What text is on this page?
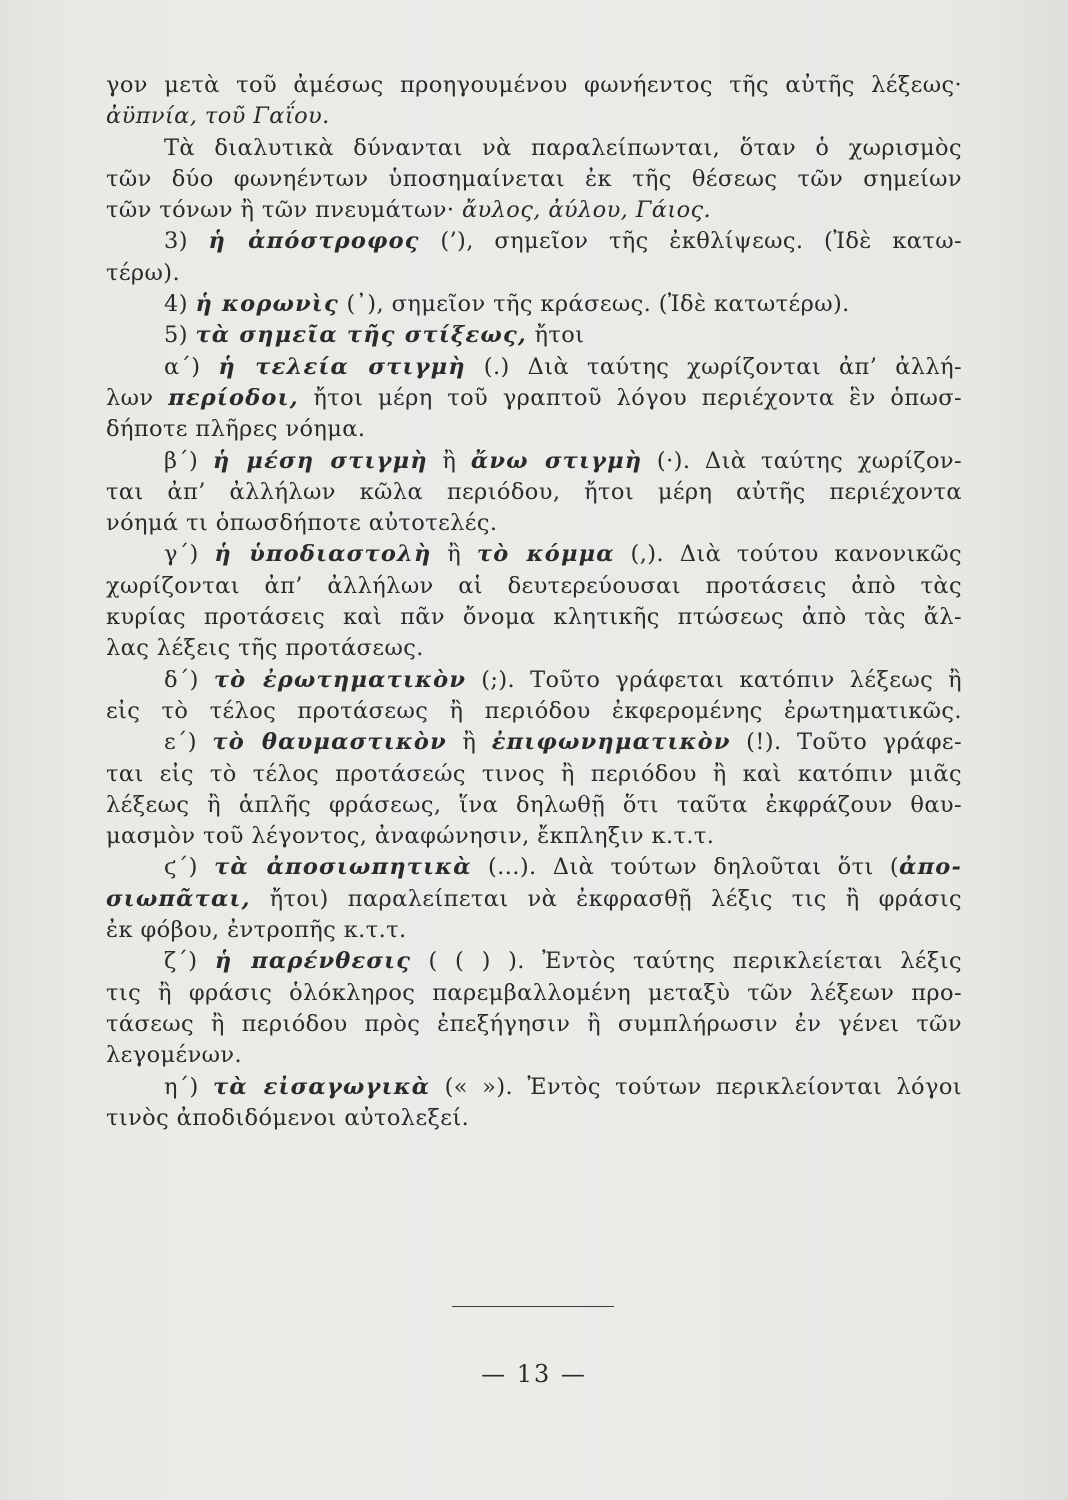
γον μετὰ τοῦ ἀμέσως προηγουμένου φωνήεντος τῆς αὐτῆς λέξεως·
ἀϋπνία, τοῦ Γαΐου.
Τὰ διαλυτικὰ δύνανται νὰ παραλείπωνται, ὅταν ὁ χωρισμὸς
τῶν δύο φωνηέντων ὑποσημαίνεται ἐκ τῆς θέσεως τῶν σημείων
τῶν τόνων ἢ τῶν πνευμάτων· ἄυλος, ἀύλου, Γάιος.
3) ἡ ἀπόστροφος (’), σημεῖον τῆς ἐκθλίψεως. (Ἰδὲ κατω-
τέρω).
4) ἡ κορωνὶς (᾿), σημεῖον τῆς κράσεως. (Ἰδὲ κατωτέρω).
5) τὰ σημεῖα τῆς στίξεως, ἤτοι
α΄) ἡ τελεία στιγμὴ (.) Διὰ ταύτης χωρίζονται ἀπ’ ἀλλή-
λων περίοδοι, ἤτοι μέρη τοῦ γραπτοῦ λόγου περιέχοντα ἓν ὁπωσ-
δήποτε πλῆρες νόημα.
β΄) ἡ μέση στιγμὴ ἢ ἄνω στιγμὴ (·). Διὰ ταύτης χωρίζον-
ται ἀπ’ ἀλλήλων κῶλα περιόδου, ἤτοι μέρη αὐτῆς περιέχοντα
νόημά τι ὁπωσδήποτε αὐτοτελές.
γ΄) ἡ ὑποδιαστολὴ ἢ τὸ κόμμα (,). Διὰ τούτου κανονικῶς
χωρίζονται ἀπ’ ἀλλήλων αἱ δευτερεύουσαι προτάσεις ἀπὸ τὰς
κυρίας προτάσεις καὶ πᾶν ὄνομα κλητικῆς πτώσεως ἀπὸ τὰς ἄλ-
λας λέξεις τῆς προτάσεως.
δ΄) τὸ ἐρωτηματικὸν (;). Τοῦτο γράφεται κατόπιν λέξεως ἢ
εἰς τὸ τέλος προτάσεως ἢ περιόδου ἐκφερομένης ἐρωτηματικῶς.
ε΄) τὸ θαυμαστικὸν ἢ ἐπιφωνηματικὸν (!). Τοῦτο γράφε-
ται εἰς τὸ τέλος προτάσεώς τινος ἢ περιόδου ἢ καὶ κατόπιν μιᾶς
λέξεως ἢ ἁπλῆς φράσεως, ἵνα δηλωθῇ ὅτι ταῦτα ἐκφράζουν θαυ-
μασμὸν τοῦ λέγοντος, ἀναφώνησιν, ἔκπληξιν κ.τ.τ.
ϛ΄) τὰ ἀποσιωπητικὰ (...). Διὰ τούτων δηλοῦται ὅτι (ἀπο-
σιωπᾶται, ἤτοι) παραλείπεται νὰ ἐκφρασθῇ λέξις τις ἢ φράσις
ἐκ φόβου, ἐντροπῆς κ.τ.τ.
ζ΄) ἡ παρένθεσις ( ( ) ). Ἐντὸς ταύτης περικλείεται λέξις
τις ἢ φράσις ὁλόκληρος παρεμβαλλομένη μεταξὺ τῶν λέξεων προ-
τάσεως ἢ περιόδου πρὸς ἐπεξήγησιν ἢ συμπλήρωσιν ἐν γένει τῶν
λεγομένων.
η΄) τὰ εἰσαγωγικὰ (« »). Ἐντὸς τούτων περικλείονται λόγοι
τινὸς ἀποδιδόμενοι αὐτολεξεί.
— 13 —
